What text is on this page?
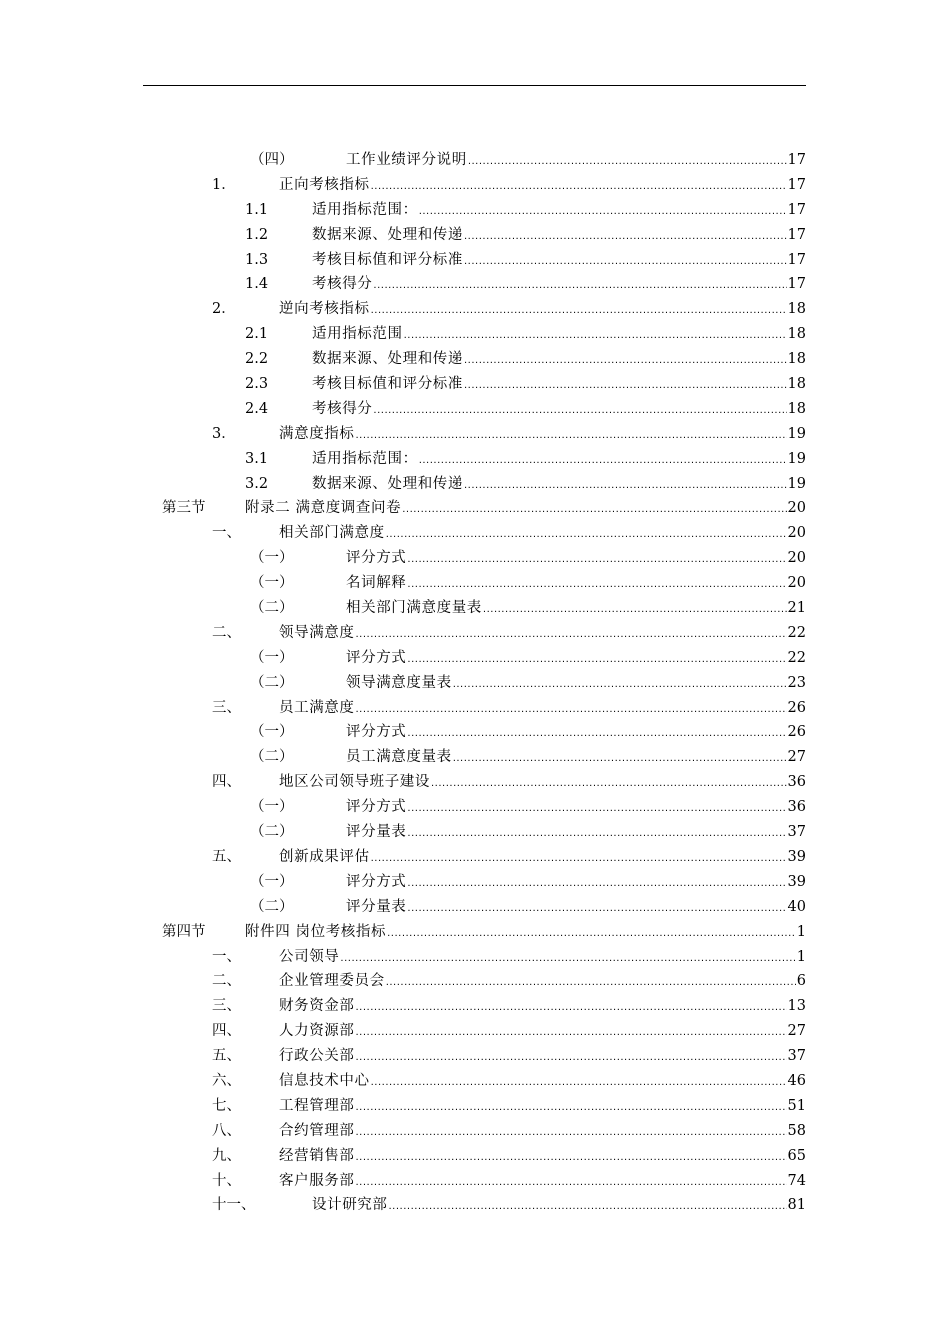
（四）	工作业绩评分说明 .....	17
1．	正向考核指标 .....	17
1.1	适用指标范围： .....	17
1.2	数据来源、处理和传递 .....	17
1.3	考核目标值和评分标准 .....	17
1.4	考核得分 .....	17
2．	逆向考核指标 .....	18
2.1	适用指标范围 .....	18
2.2	数据来源、处理和传递 .....	18
2.3	考核目标值和评分标准 .....	18
2.4	考核得分 .....	18
3．	满意度指标 .....	19
3.1	适用指标范围： .....	19
3.2	数据来源、处理和传递 .....	19
第三节	附录二 满意度调查问卷 .....	20
一、	相关部门满意度 .....	20
（一）	评分方式 .....	20
（一）	名词解释 .....	20
（二）	相关部门满意度量表 .....	21
二、	领导满意度 .....	22
（一）	评分方式 .....	22
（二）	领导满意度量表 .....	23
三、	员工满意度 .....	26
（一）	评分方式 .....	26
（二）	员工满意度量表 .....	27
四、	地区公司领导班子建设 .....	36
（一）	评分方式 .....	36
（二）	评分量表 .....	37
五、	创新成果评估 .....	39
（一）	评分方式 .....	39
（二）	评分量表 .....	40
第四节	附件四 岗位考核指标 .....	1
一、	公司领导 .....	1
二、	企业管理委员会 .....	6
三、	财务资金部 .....	13
四、	人力资源部 .....	27
五、	行政公关部 .....	37
六、	信息技术中心 .....	46
七、	工程管理部 .....	51
八、	合约管理部 .....	58
九、	经营销售部 .....	65
十、	客户服务部 .....	74
十一、	设计研究部 .....	81
